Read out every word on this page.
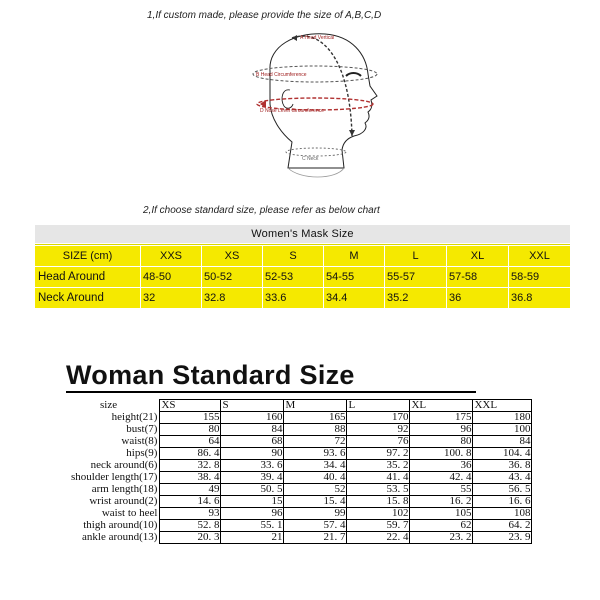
1,If custom made, please provide the size of A,B,C,D
A Head Vertical
B Head Circumference
D Nose Level Circumference
C Neck
2,If choose standard size, please refer as below chart
Women's Mask Size							

SIZE (cm)	XXS	XS	S	M	L	XL	XXL
Head Around	48-50	50-52	52-53	54-55	55-57	57-58	58-59
Neck Around	32	32.8	33.6	34.4	35.2	36	36.8
Woman Standard Size
size	XS	S	M	L	XL	XXL
height(21)	155	160	165	170	175	180
bust(7)	80	84	88	92	96	100
waist(8)	64	68	72	76	80	84
hips(9)	86. 4	90	93. 6	97. 2	100. 8	104. 4
neck around(6)	32. 8	33. 6	34. 4	35. 2	36	36. 8
shoulder length(17)	38. 4	39. 4	40. 4	41. 4	42. 4	43. 4
arm length(18)	49	50. 5	52	53. 5	55	56. 5
wrist around(2)	14. 6	15	15. 4	15. 8	16. 2	16. 6
waist to heel	93	96	99	102	105	108
thigh around(10)	52. 8	55. 1	57. 4	59. 7	62	64. 2
ankle around(13)	20. 3	21	21. 7	22. 4	23. 2	23. 9
